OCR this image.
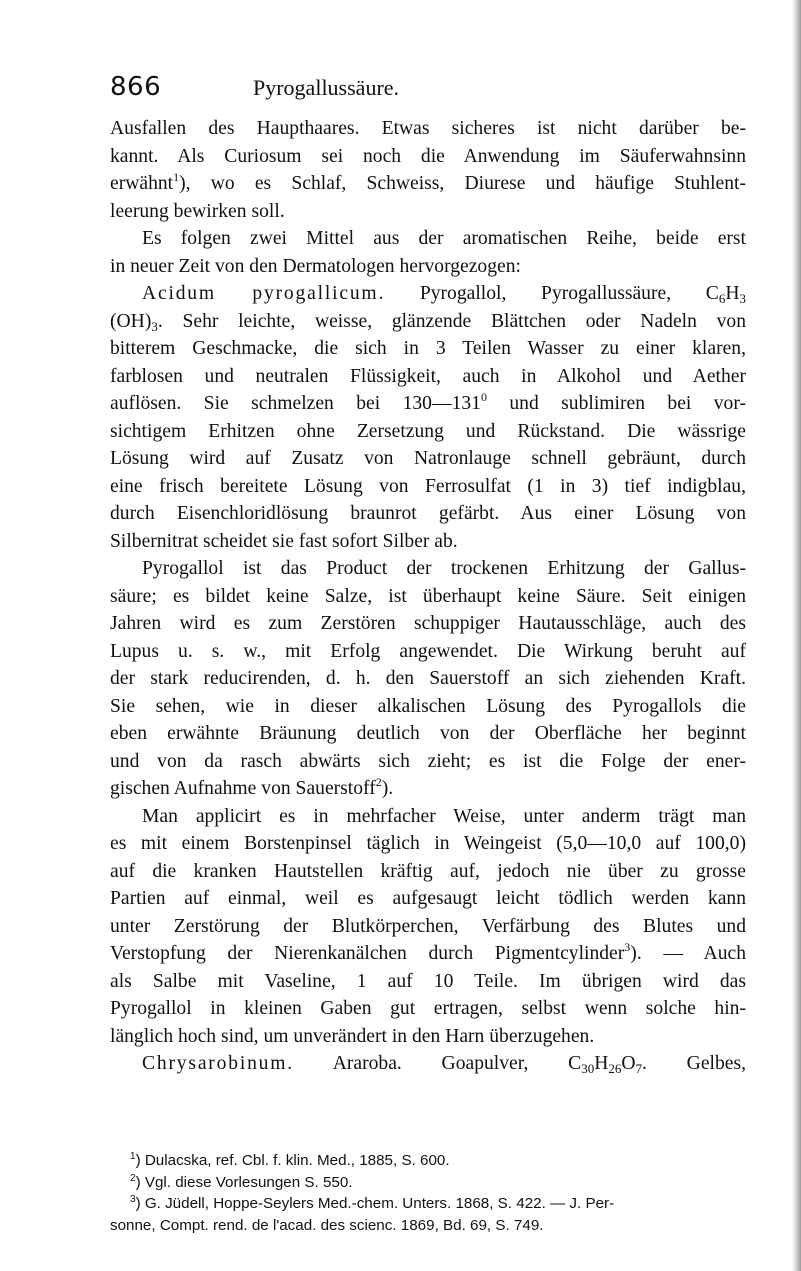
866	Pyrogallussäure.

Ausfallen des Haupthaares. Etwas sicheres ist nicht darüber be-

kannt. Als Curiosum sei noch die Anwendung im Säuferwahnsinn

erwähnt$^1$), wo es Schlaf, Schweiss, Diurese und häufige Stuhlent-

leerung bewirken soll.

Es folgen zwei Mittel aus der aromatischen Reihe, beide erst

in neuer Zeit von den Dermatologen hervorgezogen:

Acidum pyrogallicum. Pyrogallol, Pyrogallussäure, $C_6H_3$

$(OH)_3$. Sehr leichte, weisse, glänzende Blättchen oder Nadeln von

bitterem Geschmacke, die sich in 3 Teilen Wasser zu einer klaren,

farblosen und neutralen Flüssigkeit, auch in Alkohol und Aether

auflösen. Sie schmelzen bei $130—131^0$ und sublimiren bei vor-

sichtigem Erhitzen ohne Zersetzung und Rückstand. Die wässrige

Lösung wird auf Zusatz von Natronlauge schnell gebräunt, durch

eine frisch bereitete Lösung von Ferrosulfat (1 in 3) tief indigblau,

durch Eisenchloridlösung braunrot gefärbt. Aus einer Lösung von

Silbernitrat scheidet sie fast sofort Silber ab.

Pyrogallol ist das Product der trockenen Erhitzung der Gallus-

säure; es bildet keine Salze, ist überhaupt keine Säure. Seit einigen

Jahren wird es zum Zerstören schuppiger Hautausschläge, auch des

Lupus u. s. w., mit Erfolg angewendet. Die Wirkung beruht auf

der stark reducirenden, d. h. den Sauerstoff an sich ziehenden Kraft.

Sie sehen, wie in dieser alkalischen Lösung des Pyrogallols die

eben erwähnte Bräunung deutlich von der Oberfläche her beginnt

und von da rasch abwärts sich zieht; es ist die Folge der ener-

gischen Aufnahme von Sauerstoff$^2$).

Man applicirt es in mehrfacher Weise, unter anderm trägt man

es mit einem Borstenpinsel täglich in Weingeist (5,0—10,0 auf 100,0)

auf die kranken Hautstellen kräftig auf, jedoch nie über zu grosse

Partien auf einmal, weil es aufgesaugt leicht tödlich werden kann

unter Zerstörung der Blutkörperchen, Verfärbung des Blutes und

Verstopfung der Nierenkanälchen durch Pigmentcylinder$^3$). — Auch

als Salbe mit Vaseline, 1 auf 10 Teile. Im übrigen wird das

Pyrogallol in kleinen Gaben gut ertragen, selbst wenn solche hin-

länglich hoch sind, um unverändert in den Harn überzugehen.

Chrysarobinum. Araroba. Goapulver, $C_{30}H_{26}O_7$. Gelbes,

$^1$) Dulacska, ref. Cbl. f. klin. Med., 1885, S. 600.

$^2$) Vgl. diese Vorlesungen S. 550.

$^3$) G. Jüdell, Hoppe-Seylers Med.-chem. Unters. 1868, S. 422. — J. Per-

sonne, Compt. rend. de l'acad. des scienc. 1869, Bd. 69, S. 749.
